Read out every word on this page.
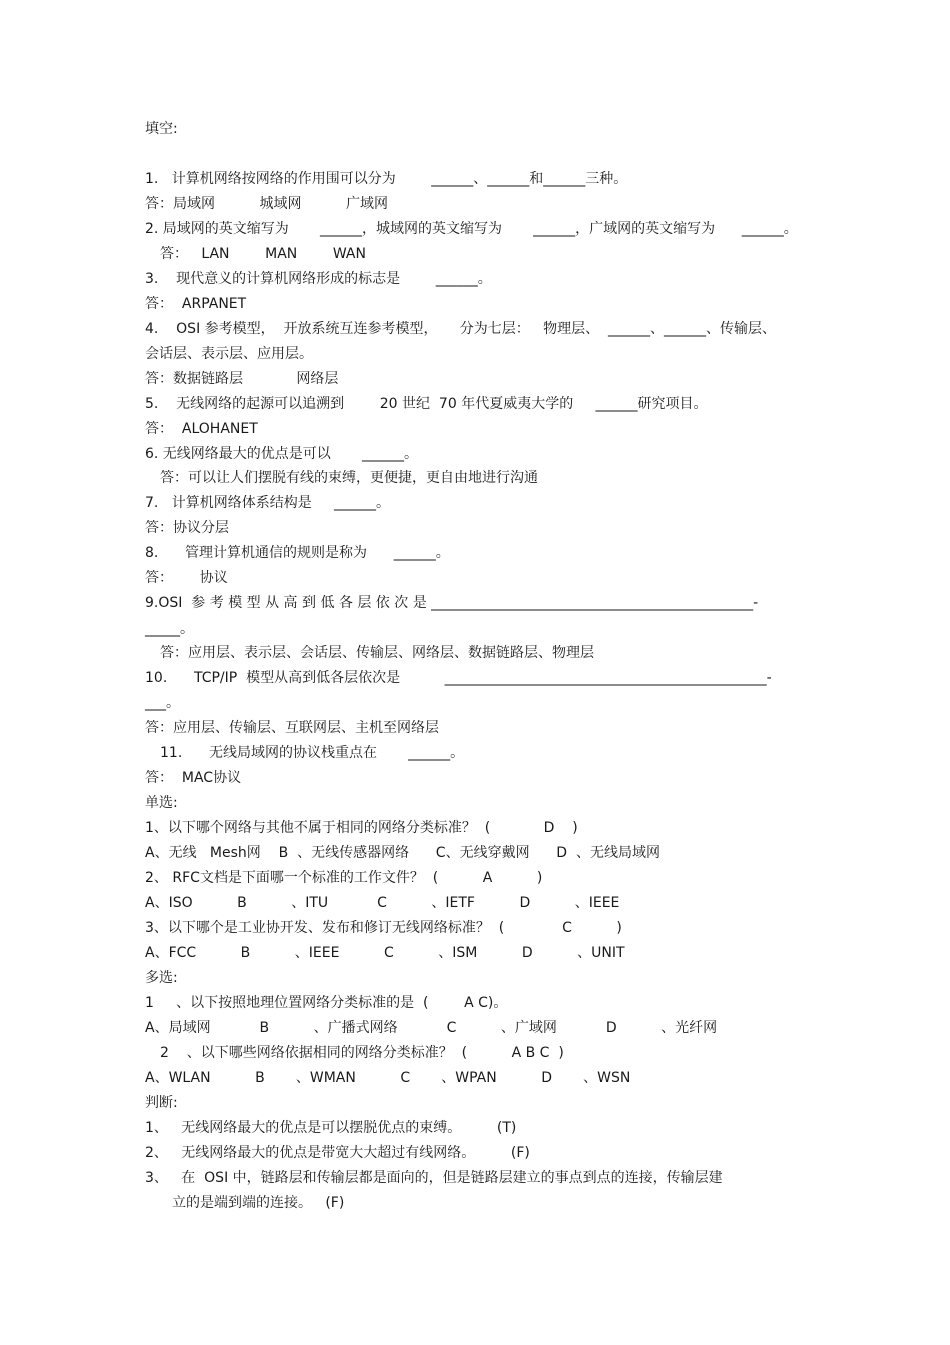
填空:
1.   计算机网络按网络的作用围可以分为        ______、______和______三种。
答：局域网          城域网          广域网
2. 局域网的英文缩写为       ______，城域网的英文缩写为       ______，广域网的英文缩写为      ______。
答：   LAN        MAN        WAN
3.    现代意义的计算机网络形成的标志是        ______。
答：  ARPANET
4.    OSI 参考模型，  开放系统互连参考模型，     分为七层：   物理层、  ______、______、传输层、
会话层、表示层、应用层。
答：数据链路层            网络层
5.    无线网络的起源可以追溯到        20 世纪  70 年代夏威夷大学的     ______研究项目。
答：  ALOHANET
6. 无线网络最大的优点是可以       ______。
答：可以让人们摆脱有线的束缚，更便捷，更自由地进行沟通
7.   计算机网络体系结构是     ______。
答：协议分层
8.      管理计算机通信的规则是称为      ______。
答：      协议
9.OSI  参 考 模 型 从 高 到 低 各 层 依 次 是 ______________________________________________-
_____。
答：应用层、表示层、会话层、传输层、网络层、数据链路层、物理层
10.      TCP/IP  模型从高到低各层依次是          ______________________________________________-
___。
答：应用层、传输层、互联网层、主机至网络层
11.      无线局域网的协议栈重点在       ______。
答：  MAC协议
单选:
1、以下哪个网络与其他不属于相同的网络分类标准？  (            D    )
A、无线   Mesh网    B  、无线传感器网络      C、无线穿戴网      D  、无线局域网
2、 RFC文档是下面哪一个标准的工作文件？  (          A          )
A、ISO          B          、ITU           C          、IETF          D          、IEEE
3、以下哪个是工业协开发、发布和修订无线网络标准？  (             C          )
A、FCC          B          、IEEE          C          、ISM          D          、UNIT
多选:
1     、以下按照地理位置网络分类标准的是  (        A C)。
A、局域网           B          、广播式网络           C          、广域网           D          、光纤网
2    、以下哪些网络依据相同的网络分类标准？  (          A B C  )
A、WLAN          B       、WMAN          C       、WPAN          D       、WSN
判断:
1、   无线网络最大的优点是可以摆脱优点的束缚。        (T)
2、   无线网络最大的优点是带宽大大超过有线网络。        (F)
3、   在  OSI 中，链路层和传输层都是面向的，但是链路层建立的事点到点的连接，传输层建
立的是端到端的连接。   (F)
